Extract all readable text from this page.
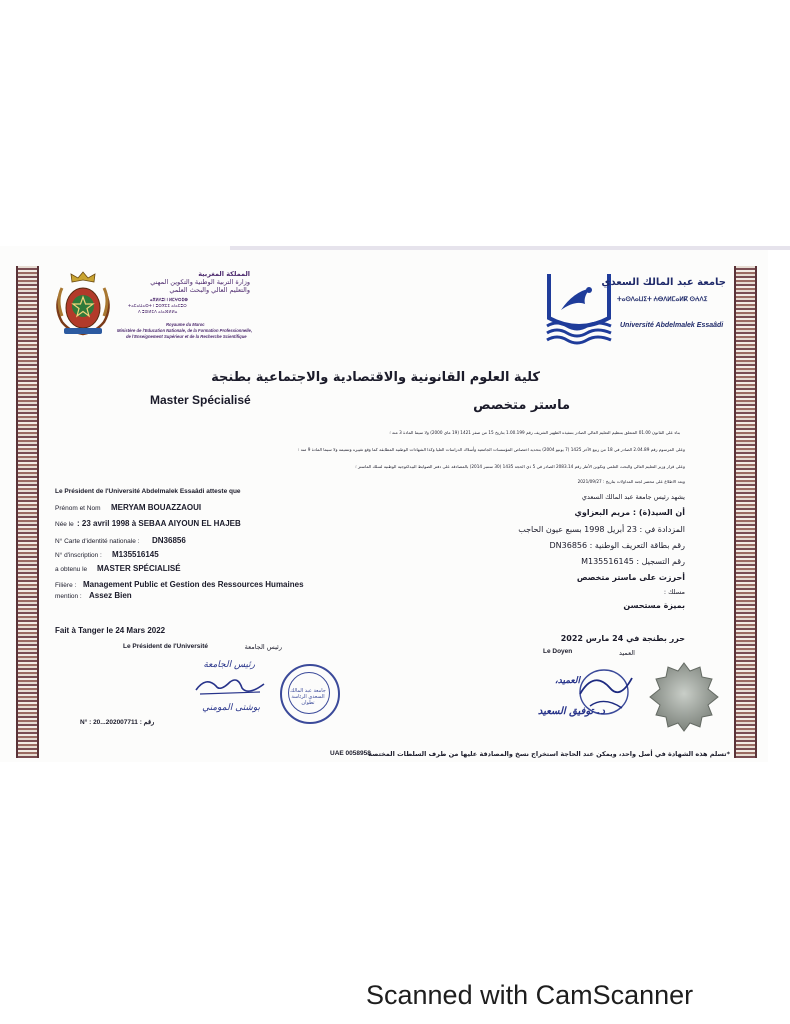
المملكة المغربية
وزارة التربية الوطنية والتكوين المهني
والتعليم العالي والبحث العلمي
ⴰⴳⵍⴷⵓⵏ ⵏ ⵍⵎⵖⵔⵉⴱ
ⵜⴰⵎⴰⵡⴰⵙⵜ ⵏ ⵓⵙⴳⵎⵉ ⴰⵏⴰⵎⵓⵔ
ⴷ ⵓⵙⵍⵎⴷ ⴰⵏⴰⴼⵍⵍⴰ
Royaume du Maroc
Ministère de l'Education Nationale, de la Formation Professionnelle,
de l'Enseignement Supérieur et de la Recherche Scientifique
جامعة عبد المالك السعدي
ⵜⴰⵙⴷⴰⵡⵉⵜ ⵄⴱⴷⵍⵎⴰⵍⴽ ⵙⵄⴷⵉ
Université Abdelmalek Essaâdi
كلية العلوم القانونية والاقتصادية والاجتماعية بطنجة
Master Spécialisé	ماستر متخصص
بناء على القانون 01.00 المتعلق بتنظيم التعليم العالي الصادر بتنفيذه الظهير الشريف رقم 1.00.199 بتاريخ 15 من صفر 1421 (19 ماي 2000) ولا سيما المادة 3 منه ؛
وعلى المرسوم رقم 2.04.89 الصادر في 18 من ربيع الآخر 1425 (7 يونيو 2004) بتحديد اختصاص المؤسسات الجامعية وأسلاك الدراسات العليا وكذا الشهادات الوطنية المطابقة كما وقع تغييره وتتميمه ولا سيما المادة 9 منه ؛
وعلى قرار وزير التعليم العالي والبحث العلمي وتكوين الأطر رقم 2083.14 الصادر في 5 ذي الحجة 1435 (30 ستنبر 2014) بالمصادقة على دفتر الضوابط البيداغوجية الوطنية لسلك الماستر ؛
وبعد الاطلاع على محضر لجنة المداولات بتاريخ : 2021/09/27
Le Président de l'Université Abdelmalek Essaâdi atteste que
Prénom et Nom MERYAM BOUAZZAOUI
Née le : 23 avril 1998 à SEBAA AIYOUN EL HAJEB
N° Carte d'identité nationale : DN36856
N° d'inscription : M135516145
a obtenu le MASTER SPÉCIALISÉ
Filière : Management Public et Gestion des Ressources Humaines
mention : Assez Bien
Fait à Tanger le 24 Mars 2022
Le Président de l'Université	رئيس الجامعة
N° : 20...202007711 : رقم
يشهد رئيس جامعة عبد المالك السعدي
أن السيد(ة) : مريم البعزاوي
المزدادة في : 23 أبريل 1998 بسبع عيون الحاجب
رقم بطاقة التعريف الوطنية : DN36856
رقم التسجيل : M135516145
أحرزت على ماستر متخصص
مسلك :
بميزة مستحسن
حرر بطنجة في 24 مارس 2022
Le Doyen	العميد
رئيس الجامعة
بوشتى المومني
جامعة عبد المالك السعدي الرئاسة تطوان
العميد،
د. توفيق السعيد
UAE 0058958
*تسلم هذه الشهادة في أصل واحد، ويمكن عند الحاجة استخراج نسخ والمصادقة عليها من طرف السلطات المختصة
Scanned with CamScanner
